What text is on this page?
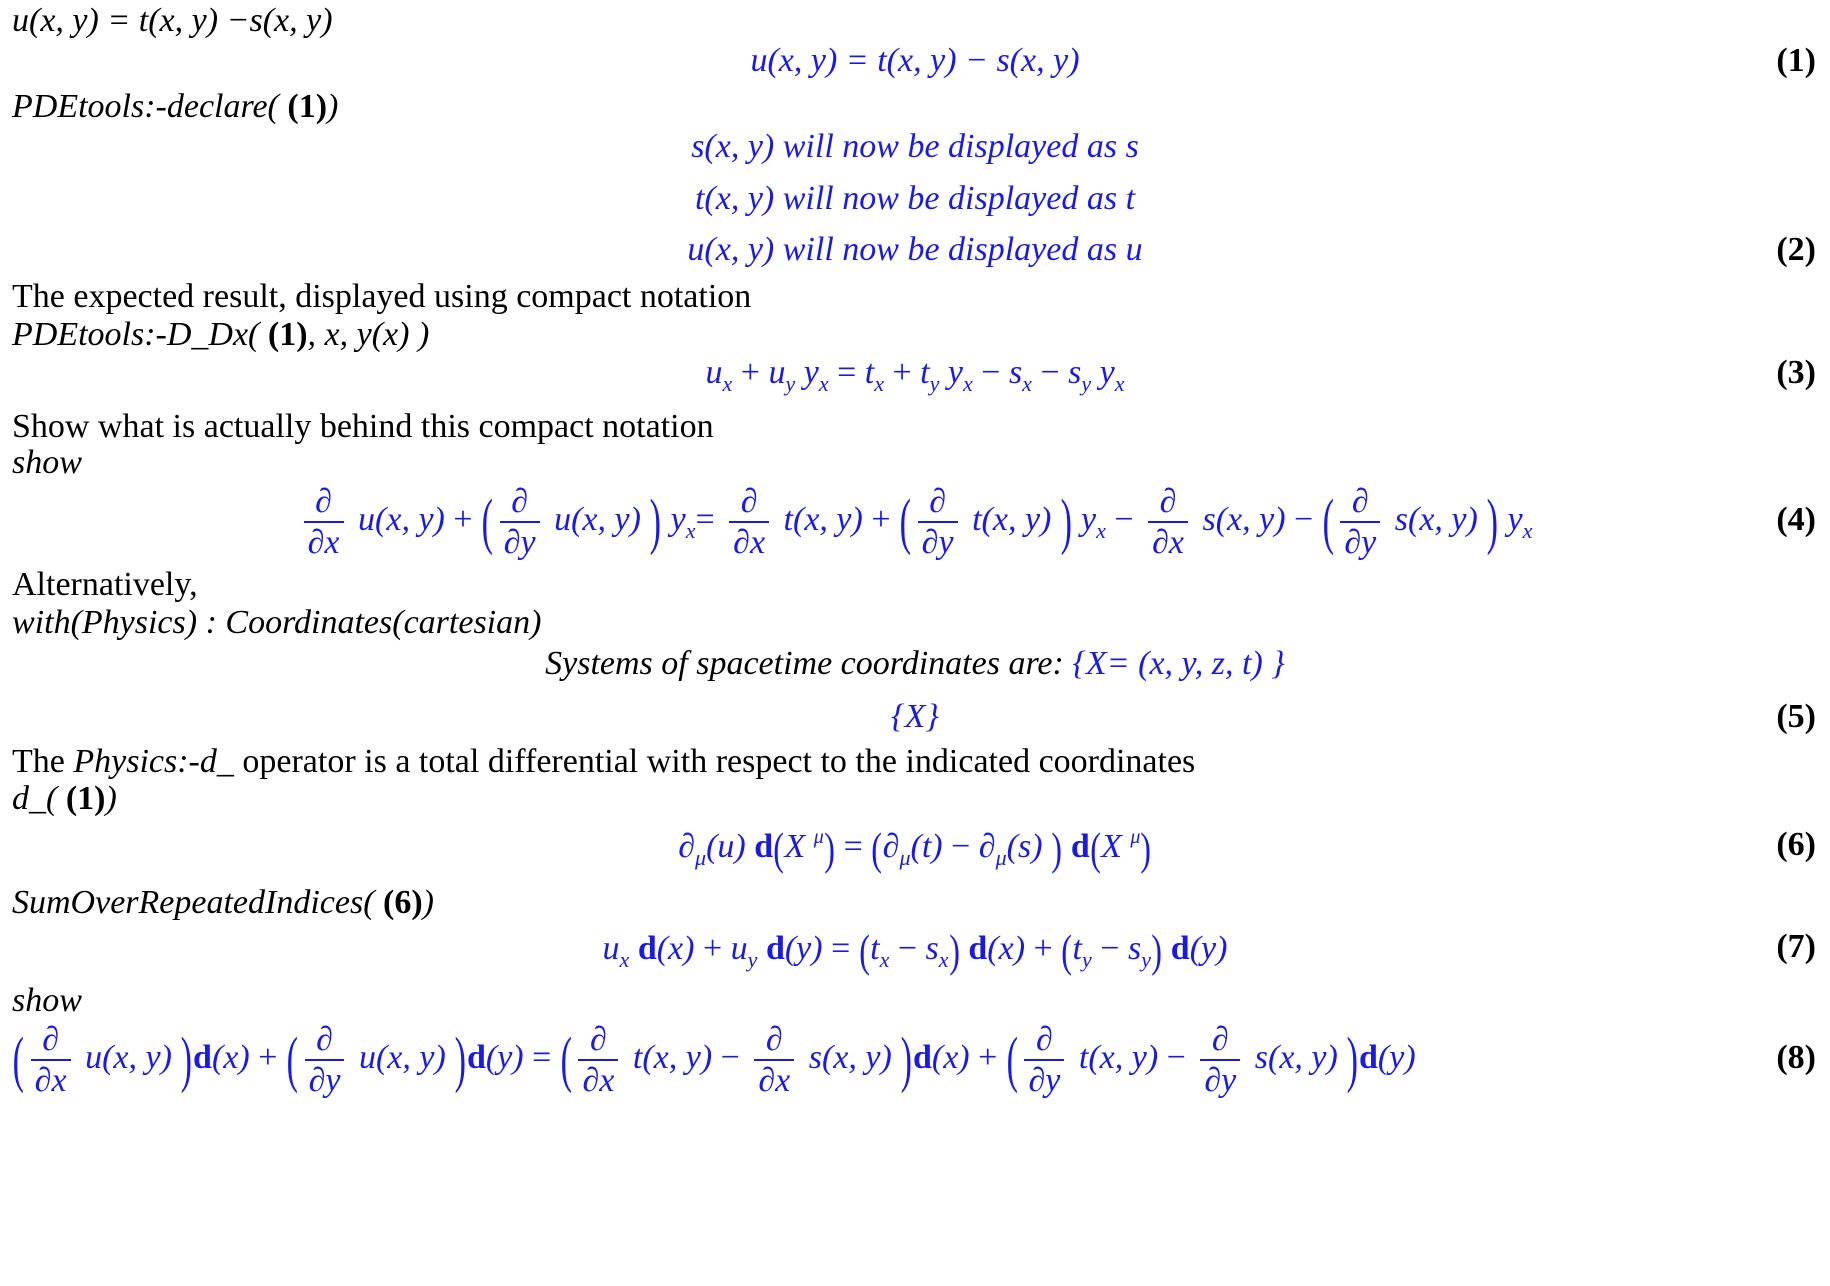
u(x, y) = t(x, y) −s(x, y)
u(x, y) = t(x, y) − s(x, y)	(1)
PDEtools:-declare( (1))
s(x, y) will now be displayed as s
t(x, y) will now be displayed as t
u(x, y) will now be displayed as u	(2)
The expected result, displayed using compact notation
PDEtools:-D_Dx( (1), x, y(x) )
$u_x + u_y$ $y_x = t_x + t_y$ $y_x - s_x - s_y$ $y_x$	(3)
Show what is actually behind this compact notation
show
$\frac{\partial}{\partial x} u(x$, y) + ( $\frac{\partial}{\partial y} u(x$, y) ) $y_x= \frac{\partial}{\partial x} t(x$, y) + ( $\frac{\partial}{\partial y} t(x$, y) ) $y_x - \frac{\partial}{\partial x} s(x$, y) − ( $\frac{\partial}{\partial y} s(x$, y) ) $y_x$	(4)
Alternatively,
with(Physics) : Coordinates(cartesian)
Systems of spacetime coordinates are: {X= (x, y, z, t) }
{X}	(5)
The Physics:-d_ operator is a total differential with respect to the indicated coordinates
d_( (1))
$\partial_\mu(u)$ d(X $^\mu) = (\partial_\mu(t) - \partial_\mu(s)$ ) d(X $^\mu$)	(6)
SumOverRepeatedIndices( (6))
$u_x$ $d(x) + u_y$ $d(y) = (t_x - s_x) d(x) + (t_y - s_y)$ d(y)	(7)
show
( $\frac{\partial}{\partial x} u(x$, y) )d(x) + ( $\frac{\partial}{\partial y} u(x$, y) )d(y) = ( $\frac{\partial}{\partial x} t(x$, $y) - \frac{\partial}{\partial x} s(x$, y) )d(x) + ( $\frac{\partial}{\partial y} t(x$, $y) - \frac{\partial}{\partial y} s(x$, y) )d(y)	(8)
